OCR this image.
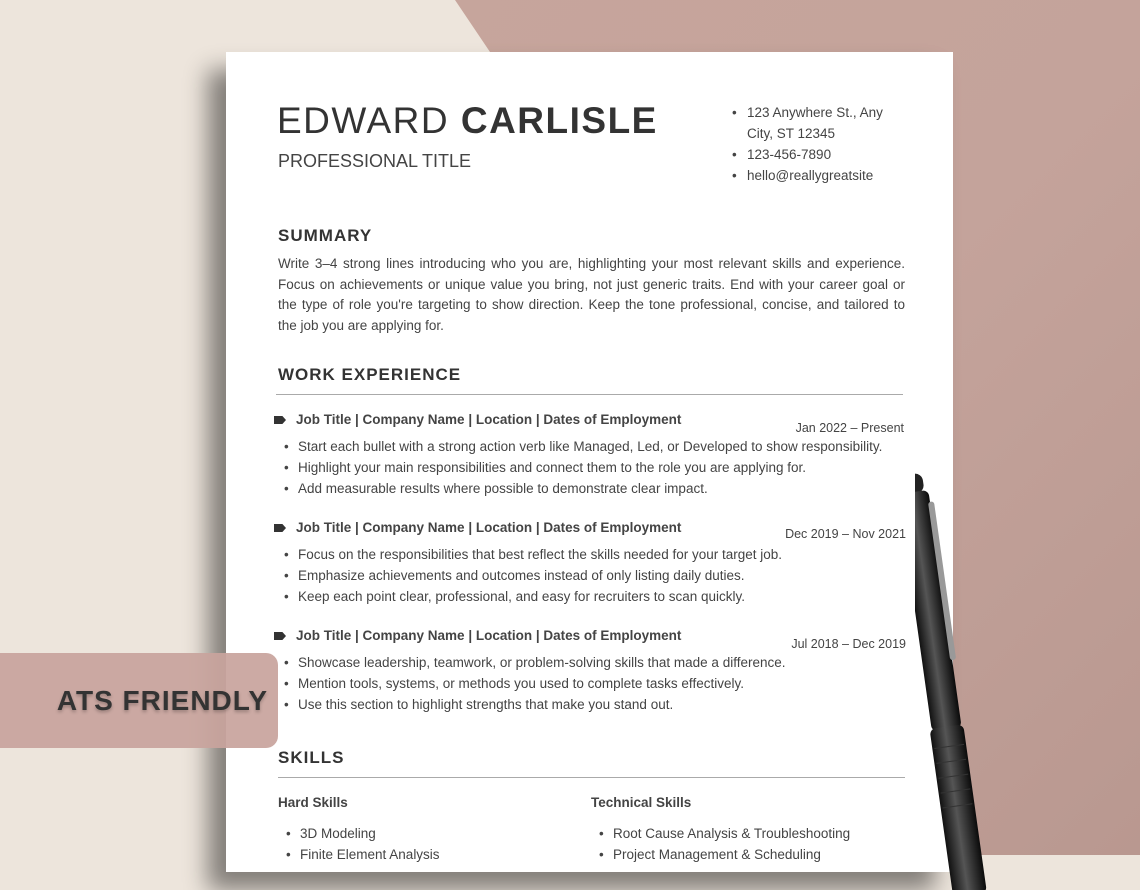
EDWARD CARLISLE
PROFESSIONAL TITLE
• 123 Anywhere St., Any City, ST 12345
• 123-456-7890
• hello@reallygreatsite
SUMMARY
Write 3–4 strong lines introducing who you are, highlighting your most relevant skills and experience. Focus on achievements or unique value you bring, not just generic traits. End with your career goal or the type of role you're targeting to show direction. Keep the tone professional, concise, and tailored to the job you are applying for.
WORK EXPERIENCE
Job Title | Company Name | Location | Dates of Employment
Jan 2022 – Present
• Start each bullet with a strong action verb like Managed, Led, or Developed to show responsibility.
• Highlight your main responsibilities and connect them to the role you are applying for.
• Add measurable results where possible to demonstrate clear impact.
Job Title | Company Name | Location | Dates of Employment	Dec 2019 – Nov 2021
• Focus on the responsibilities that best reflect the skills needed for your target job.
• Emphasize achievements and outcomes instead of only listing daily duties.
• Keep each point clear, professional, and easy for recruiters to scan quickly.
Job Title | Company Name | Location | Dates of Employment
Jul 2018 – Dec 2019
• Showcase leadership, teamwork, or problem-solving skills that made a difference.
• Mention tools, systems, or methods you used to complete tasks effectively.
• Use this section to highlight strengths that make you stand out.
SKILLS
Hard Skills
• 3D Modeling
• Finite Element Analysis
Technical Skills
• Root Cause Analysis & Troubleshooting
• Project Management & Scheduling
ATS FRIENDLY
